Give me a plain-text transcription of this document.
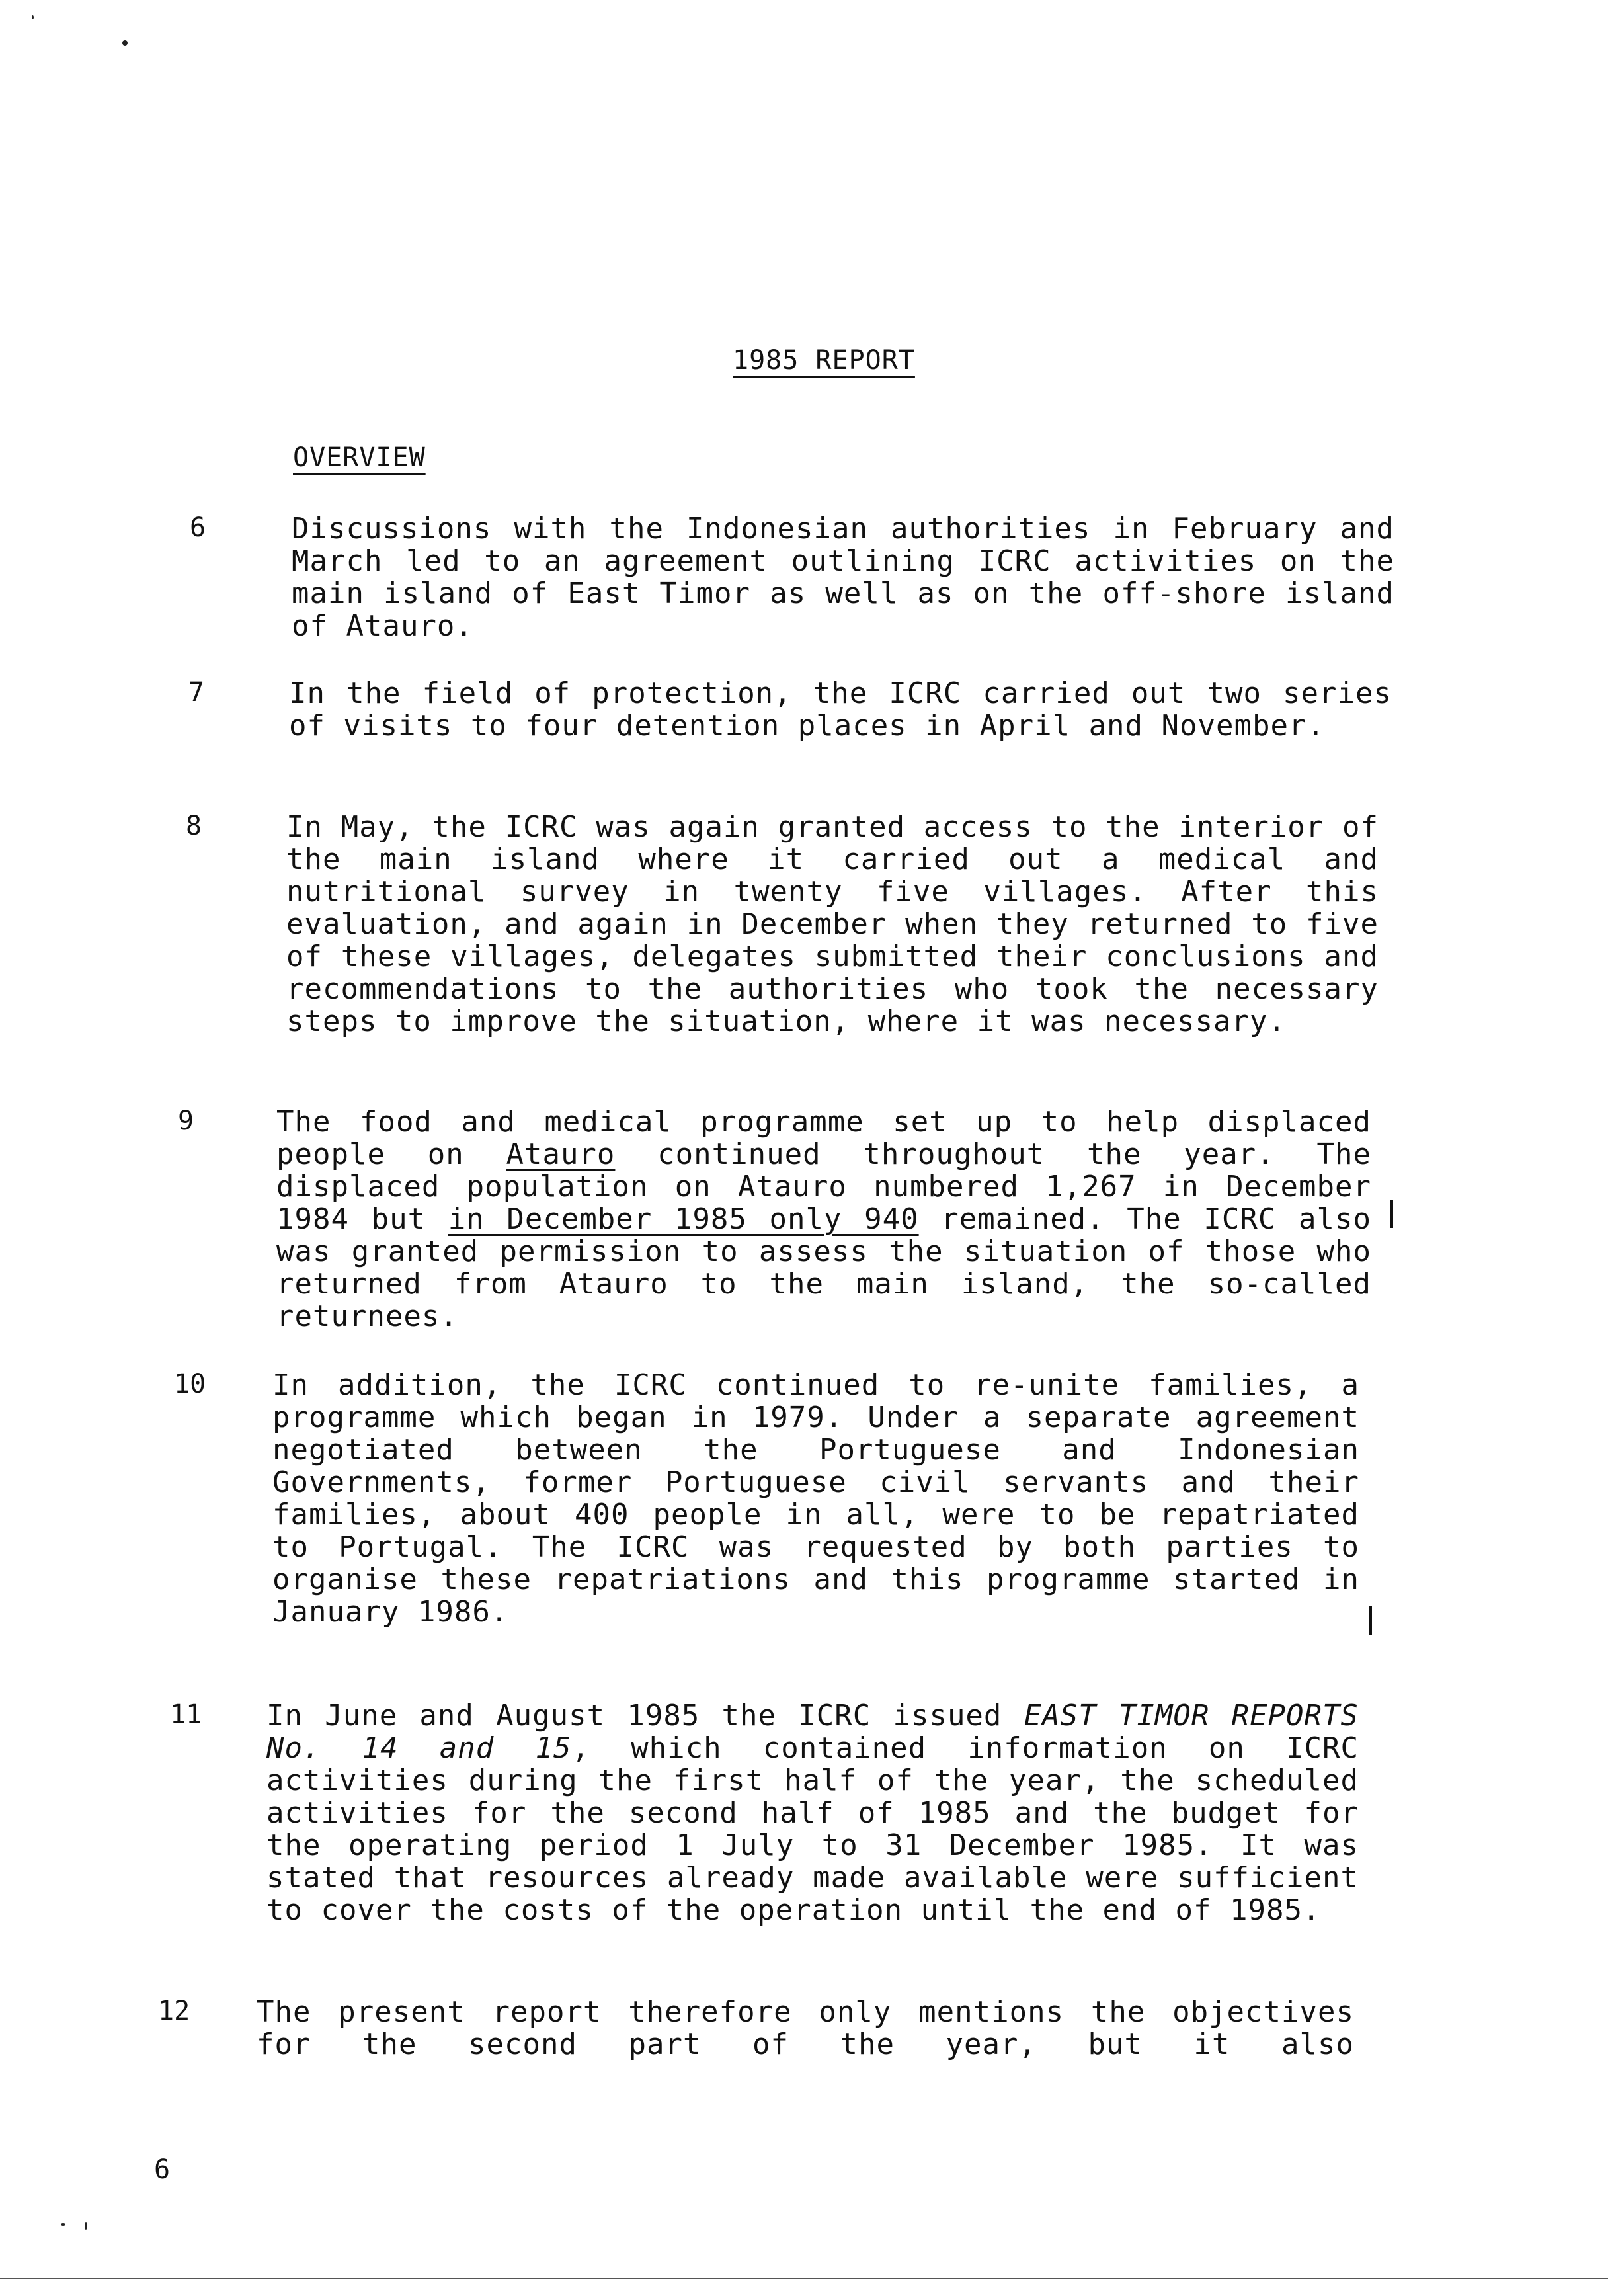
1985 REPORT
OVERVIEW
6	Discussions with the Indonesian authorities in February and March led to an agreement outlining ICRC activities on the main island of East Timor as well as on the off-shore island of Atauro.
7	In the field of protection, the ICRC carried out two series of visits to four detention places in April and November.
8	In May, the ICRC was again granted access to the interior of the main island where it carried out a medical and nutritional survey in twenty five villages. After this evaluation, and again in December when they returned to five of these villages, delegates submitted their conclusions and recommendations to the authorities who took the necessary steps to improve the situation, where it was necessary.
9	The food and medical programme set up to help displaced people on Atauro continued throughout the year. The displaced population on Atauro numbered 1,267 in December 1984 but in December 1985 only 940 remained. The ICRC also was granted permission to assess the situation of those who returned from Atauro to the main island, the so-called returnees.
10 In addition, the ICRC continued to re-unite families, a programme which began in 1979. Under a separate agreement negotiated between the Portuguese and Indonesian Governments, former Portuguese civil servants and their families, about 400 people in all, were to be repatriated to Portugal. The ICRC was requested by both parties to organise these repatriations and this programme started in January 1986.
11 In June and August 1985 the ICRC issued EAST TIMOR REPORTS No. 14 and 15, which contained information on ICRC activities during the first half of the year, the scheduled activities for the second half of 1985 and the budget for the operating period 1 July to 31 December 1985. It was stated that resources already made available were sufficient to cover the costs of the operation until the end of 1985.
12 The present report therefore only mentions the objectives for the second part of the year, but it also
6
